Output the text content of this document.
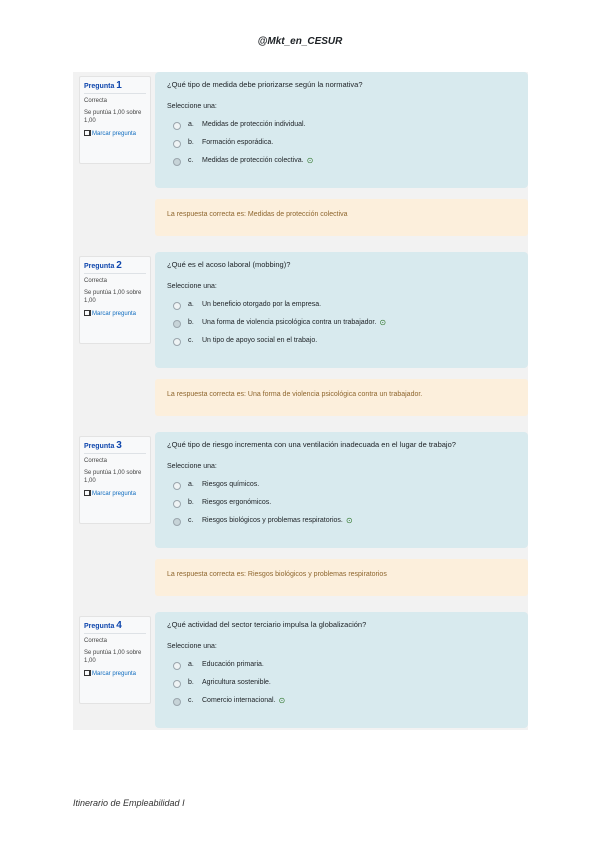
@Mkt_en_CESUR
Pregunta 1
Correcta
Se puntúa 1,00 sobre 1,00
Marcar pregunta
¿Qué tipo de medida debe priorizarse según la normativa?
Seleccione una:
a.	Medidas de protección individual.
b.	Formación esporádica.
c.	Medidas de protección colectiva. ⊙
La respuesta correcta es: Medidas de protección colectiva
Pregunta 2
Correcta
Se puntúa 1,00 sobre 1,00
Marcar pregunta
¿Qué es el acoso laboral (mobbing)?
Seleccione una:
a.	Un beneficio otorgado por la empresa.
b.	Una forma de violencia psicológica contra un trabajador. ⊙
c.	Un tipo de apoyo social en el trabajo.
La respuesta correcta es: Una forma de violencia psicológica contra un trabajador.
Pregunta 3
Correcta
Se puntúa 1,00 sobre 1,00
Marcar pregunta
¿Qué tipo de riesgo incrementa con una ventilación inadecuada en el lugar de trabajo?
Seleccione una:
a.	Riesgos químicos.
b.	Riesgos ergonómicos.
c.	Riesgos biológicos y problemas respiratorios. ⊙
La respuesta correcta es: Riesgos biológicos y problemas respiratorios
Pregunta 4
Correcta
Se puntúa 1,00 sobre 1,00
Marcar pregunta
¿Qué actividad del sector terciario impulsa la globalización?
Seleccione una:
a.	Educación primaria.
b.	Agricultura sostenible.
c.	Comercio internacional. ⊙
Itinerario de Empleabilidad I
